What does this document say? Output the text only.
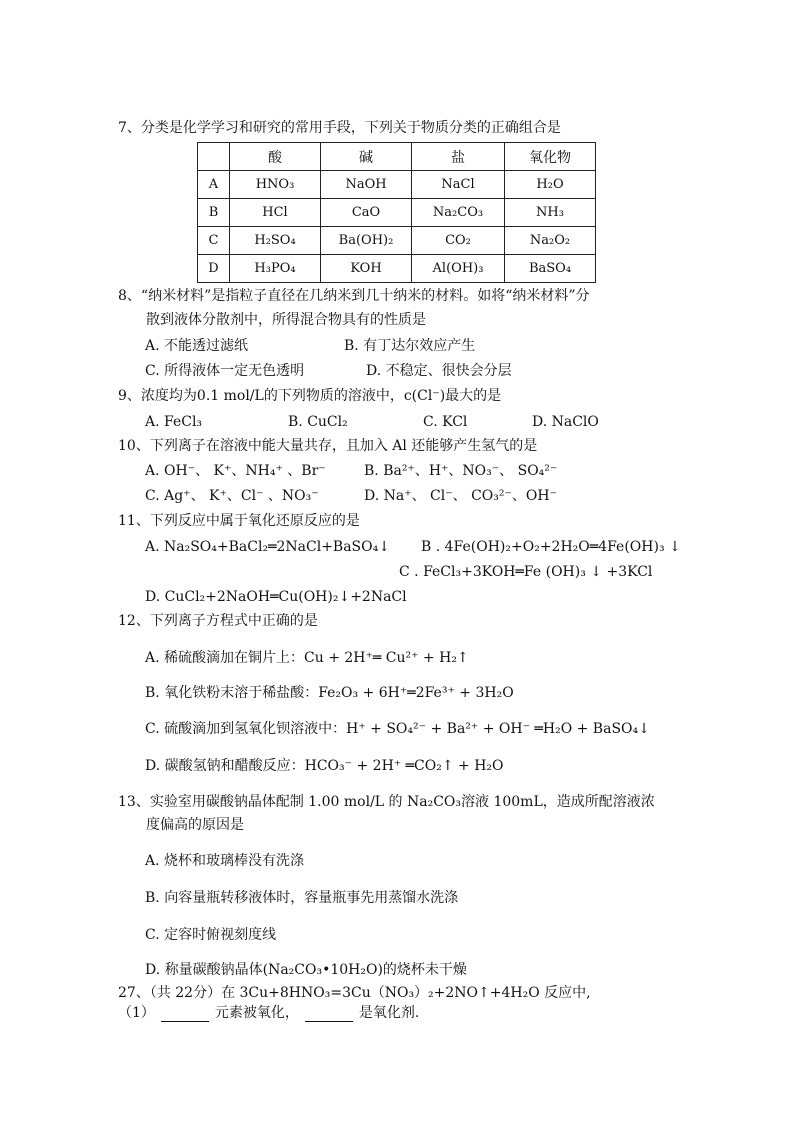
7、分类是化学学习和研究的常用手段，下列关于物质分类的正确组合是
	酸	碱	盐	氧化物
A	HNO₃	NaOH	NaCl	H₂O
B	HCl	CaO	Na₂CO₃	NH₃
C	H₂SO₄	Ba(OH)₂	CO₂	Na₂O₂
D	H₃PO₄	KOH	Al(OH)₃	BaSO₄
8、“纳米材料”是指粒子直径在几纳米到几十纳米的材料。如将“纳米材料”分
散到液体分散剂中，所得混合物具有的性质是
A. 不能透过滤纸	B. 有丁达尔效应产生
C. 所得液体一定无色透明	D. 不稳定、很快会分层
9、浓度均为0.1 mol/L的下列物质的溶液中，c(Cl⁻)最大的是
A. FeCl₃	B. CuCl₂	C. KCl	D. NaClO
10、下列离子在溶液中能大量共存，且加入 Al 还能够产生氢气的是
A. OH⁻、 K⁺、NH₄⁺ 、Br⁻	B. Ba²⁺、H⁺、NO₃⁻、 SO₄²⁻
C. Ag⁺、 K⁺、Cl⁻ 、NO₃⁻	D. Na⁺、 Cl⁻、 CO₃²⁻、OH⁻
11、下列反应中属于氧化还原反应的是
A. Na₂SO₄+BaCl₂═2NaCl+BaSO₄↓ B . 4Fe(OH)₂+O₂+2H₂O═4Fe(OH)₃ ↓
C . FeCl₃+3KOH═Fe (OH)₃ ↓ +3KCl
D. CuCl₂+2NaOH═Cu(OH)₂↓+2NaCl
12、下列离子方程式中正确的是
A. 稀硫酸滴加在铜片上：Cu + 2H⁺═ Cu²⁺ + H₂↑
B. 氧化铁粉末溶于稀盐酸：Fe₂O₃ + 6H⁺═2Fe³⁺ + 3H₂O
C. 硫酸滴加到氢氧化钡溶液中：H⁺ + SO₄²⁻ + Ba²⁺ + OH⁻ ═H₂O + BaSO₄↓
D. 碳酸氢钠和醋酸反应：HCO₃⁻ + 2H⁺ ═CO₂↑ + H₂O
13、实验室用碳酸钠晶体配制 1.00 mol/L 的 Na₂CO₃溶液 100mL，造成所配溶液浓
度偏高的原因是
A. 烧杯和玻璃棒没有洗涤
B. 向容量瓶转移液体时，容量瓶事先用蒸馏水洗涤
C. 定容时俯视刻度线
D. 称量碳酸钠晶体(Na₂CO₃•10H₂O)的烧杯未干燥
27、（共 22分）在 3Cu+8HNO₃=3Cu（NO₃）₂+2NO↑+4H₂O 反应中,
（1）	元素被氧化，	是氧化剂.
